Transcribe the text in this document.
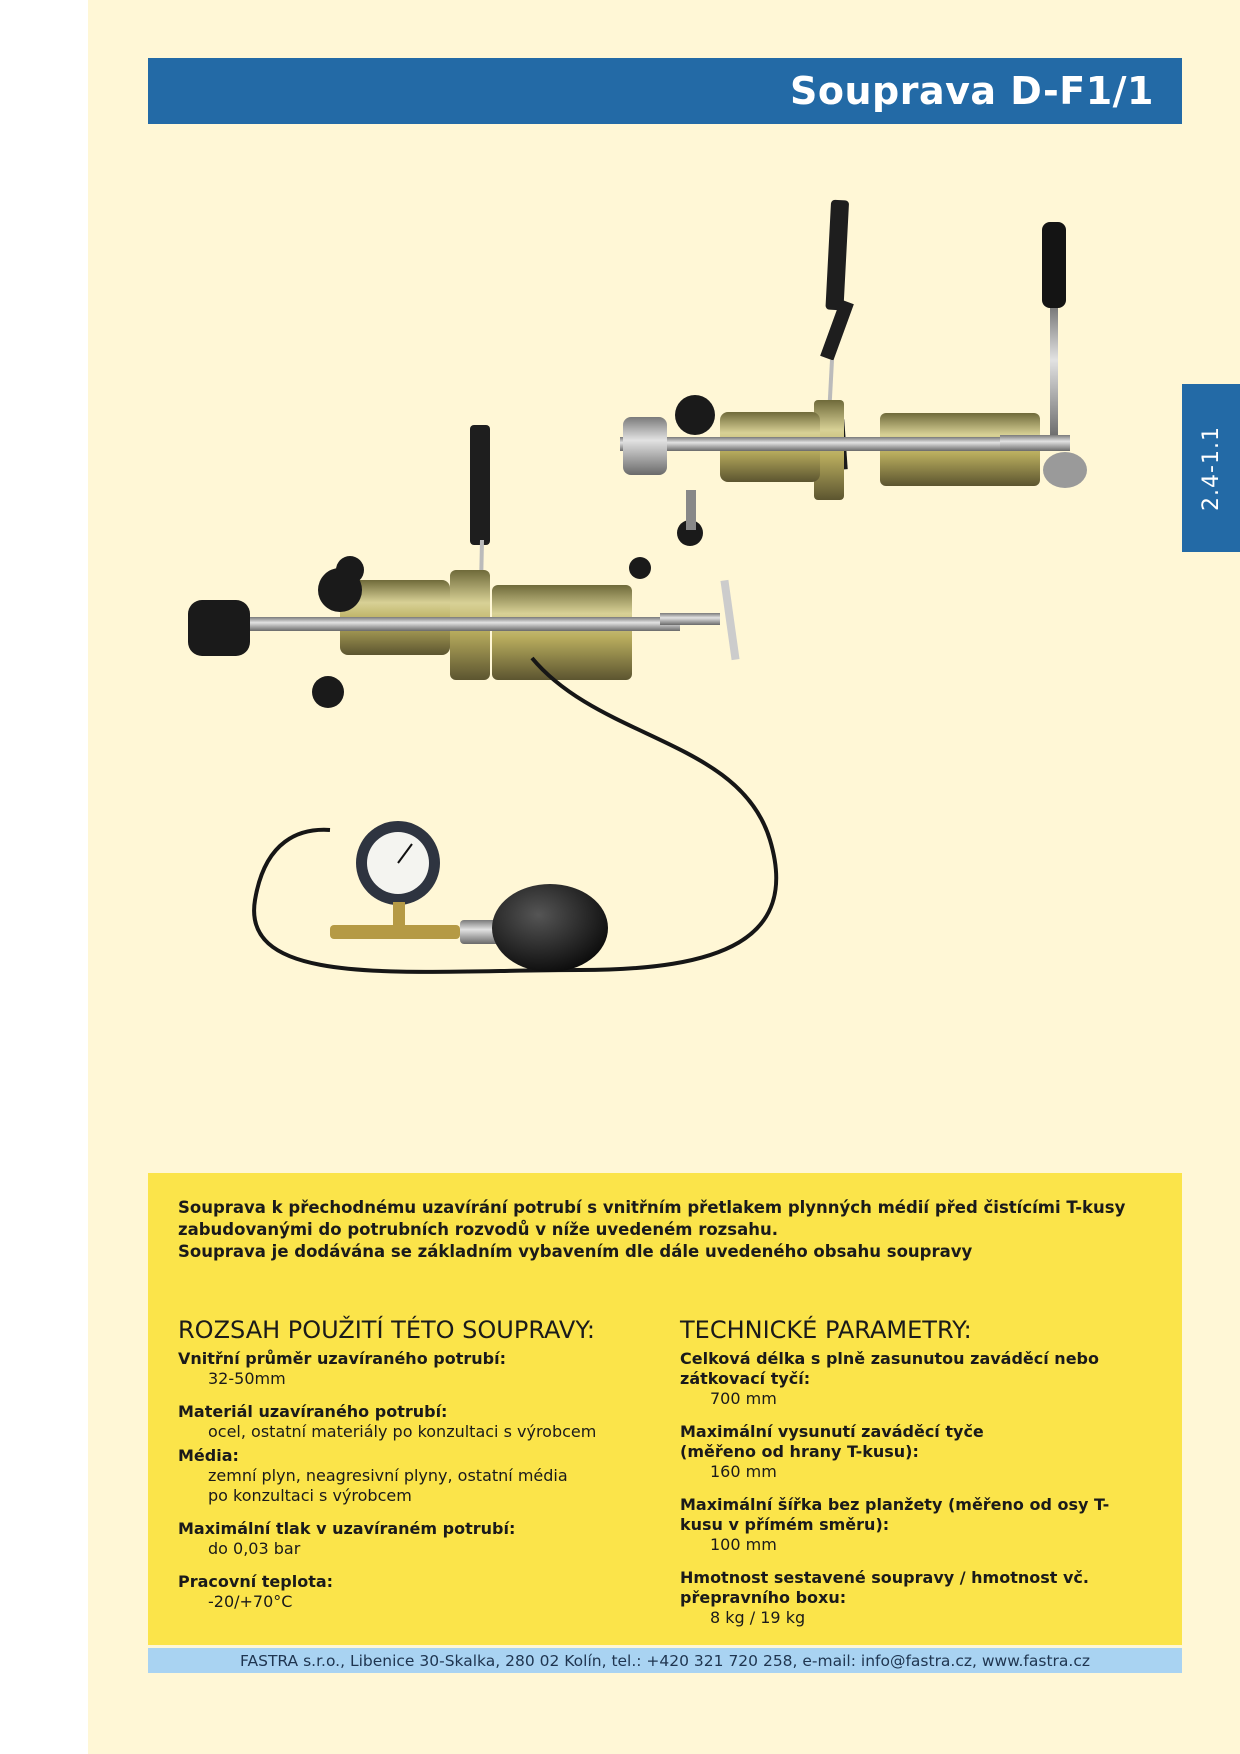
Souprava D-F1/1
2.4-1.1

Souprava k přechodnému uzavírání potrubí s vnitřním přetlakem plynných médií před čistícími T-kusy zabudovanými do potrubních rozvodů v níže uvedeném rozsahu.

Souprava je dodávána se základním vybavením dle dále uvedeného obsahu soupravy

ROZSAH POUŽITÍ TÉTO SOUPRAVY:
Vnitřní průměr uzavíraného potrubí:
32-50mm
Materiál uzavíraného potrubí:
ocel, ostatní materiály po konzultaci s výrobcem
Média:
zemní plyn, neagresivní plyny, ostatní média po konzultaci s výrobcem
Maximální tlak v uzavíraném potrubí:
do 0,03 bar
Pracovní teplota:
-20/+70°C
TECHNICKÉ PARAMETRY:
Celková délka s plně zasunutou zaváděcí nebo zátkovací tyčí:
700 mm
Maximální vysunutí zaváděcí tyče (měřeno od hrany T-kusu):
160 mm
Maximální šířka bez planžety (měřeno od osy T-kusu v přímém směru):
100 mm
Hmotnost sestavené soupravy / hmotnost vč. přepravního boxu:
8 kg / 19 kg
FASTRA s.r.o., Libenice 30-Skalka, 280 02 Kolín, tel.: +420 321 720 258, e-mail: info@fastra.cz, www.fastra.cz
